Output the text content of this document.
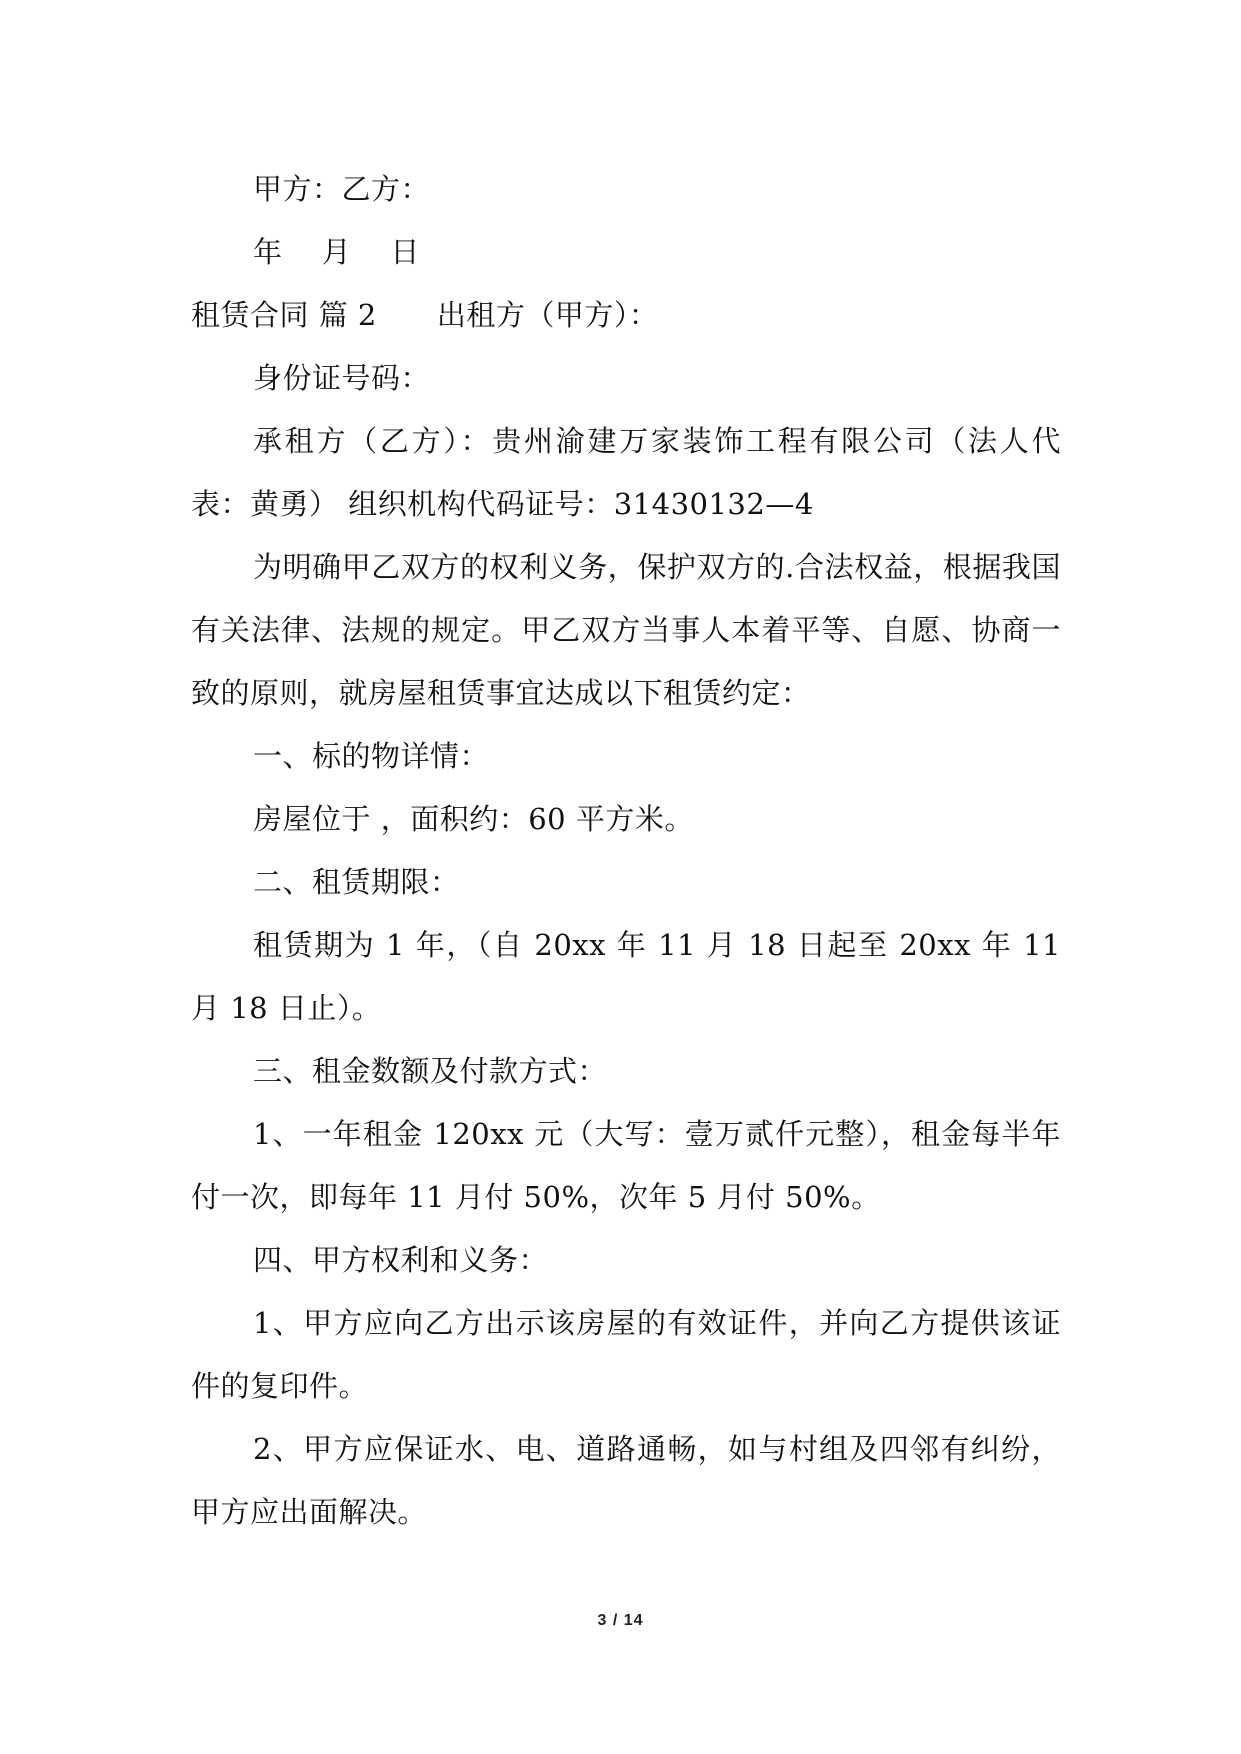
甲方：乙方：

年　 月　 日

租赁合同 篇 2 出租方（甲方）：

身份证号码：

承租方（乙方）：贵州渝建万家装饰工程有限公司（法人代表：黄勇） 组织机构代码证号：31430132—4

为明确甲乙双方的权利义务，保护双方的.合法权益，根据我国有关法律、法规的规定。甲乙双方当事人本着平等、自愿、协商一致的原则，就房屋租赁事宜达成以下租赁约定：

一、标的物详情：

房屋位于 ，面积约：60 平方米。

二、租赁期限：

租赁期为 1 年，（自 20xx 年 11 月 18 日起至 20xx 年 11 月 18 日止）。

三、租金数额及付款方式：

1、一年租金 120xx 元（大写：壹万贰仟元整），租金每半年付一次，即每年 11 月付 50%，次年 5 月付 50%。

四、甲方权利和义务：

1、甲方应向乙方出示该房屋的有效证件，并向乙方提供该证件的复印件。

2、甲方应保证水、电、道路通畅，如与村组及四邻有纠纷，甲方应出面解决。

3 / 14
